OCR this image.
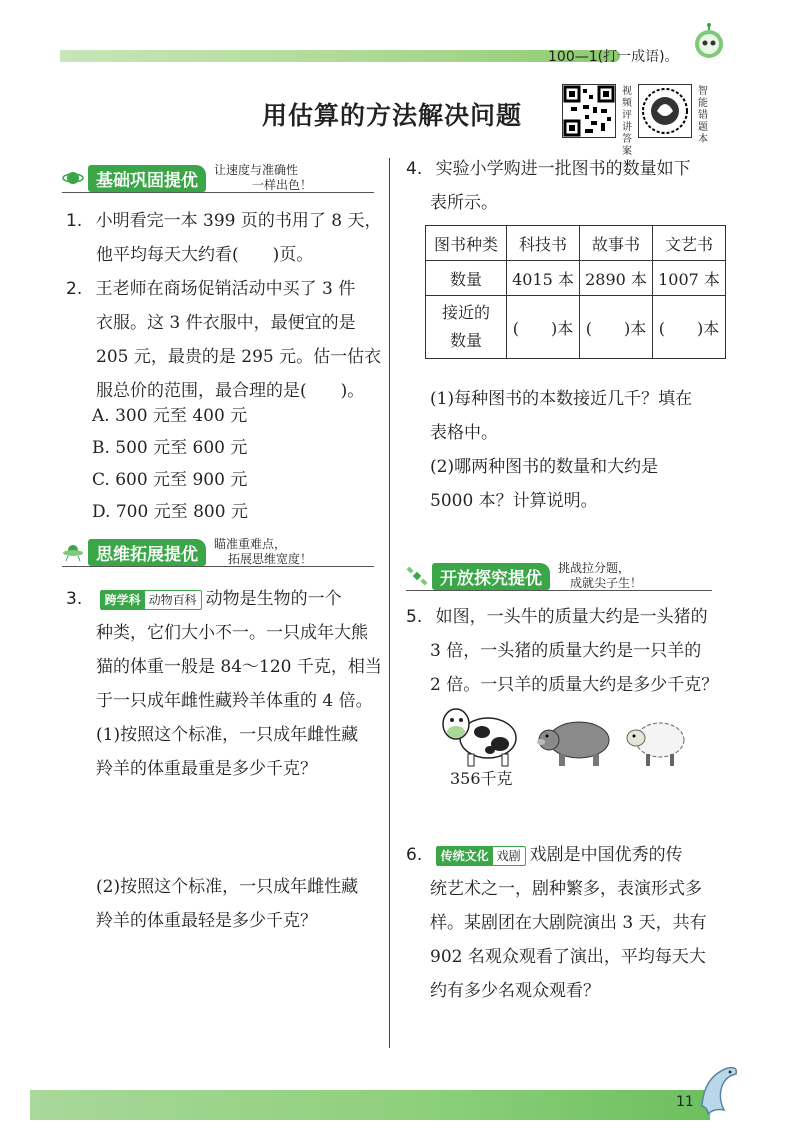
100—1(打一成语)。
用估算的方法解决问题
视频评讲答案
智能错题本
基础巩固提优
让速度与准确性
一样出色！
1. 小明看完一本 399 页的书用了 8 天，
他平均每天大约看(　　)页。
2. 王老师在商场促销活动中买了 3 件
衣服。这 3 件衣服中，最便宜的是
205 元，最贵的是 295 元。估一估衣
服总价的范围，最合理的是(　　)。
A. 300 元至 400 元
B. 500 元至 600 元
C. 600 元至 900 元
D. 700 元至 800 元
思维拓展提优
瞄准重难点，
拓展思维宽度！
3.	跨学科 动物百科 动物是生物的一个
种类，它们大小不一。一只成年大熊
猫的体重一般是 84～120 千克，相当
于一只成年雌性藏羚羊体重的 4 倍。
(1)按照这个标准，一只成年雌性藏
羚羊的体重最重是多少千克？
(2)按照这个标准，一只成年雌性藏
羚羊的体重最轻是多少千克？
4. 实验小学购进一批图书的数量如下
表所示。
图书种类	科技书	故事书	文艺书
数量	4015 本	2890 本	1007 本
接近的
数量	(　　)本	(　　)本	(　　)本
(1)每种图书的本数接近几千？填在
表格中。
(2)哪两种图书的数量和大约是
5000 本？计算说明。
开放探究提优
挑战拉分题，
成就尖子生！
5. 如图，一头牛的质量大约是一头猪的
3 倍，一头猪的质量大约是一只羊的
2 倍。一只羊的质量大约是多少千克？
356千克
6.	传统文化 戏剧 戏剧是中国优秀的传
统艺术之一，剧种繁多，表演形式多
样。某剧团在大剧院演出 3 天，共有
902 名观众观看了演出，平均每天大
约有多少名观众观看？
11
